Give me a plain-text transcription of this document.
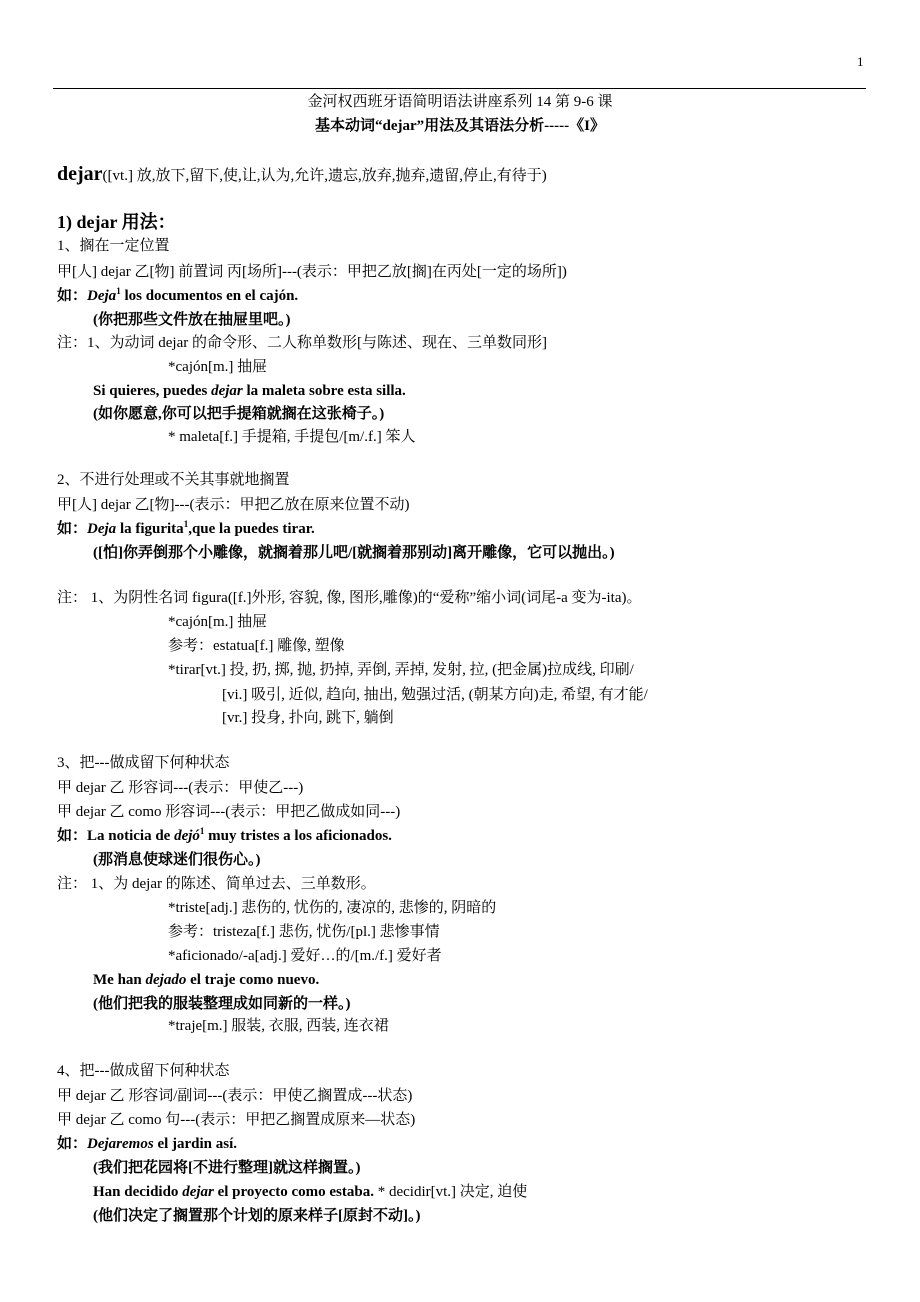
1
金河权西班牙语简明语法讲座系列 14 第 9-6 课
基本动词“dejar”用法及其语法分析-----《I》
dejar([vt.] 放,放下,留下,使,让,认为,允许,遗忘,放弃,抛弃,遗留,停止,有待于)
1) dejar 用法：
1、搁在一定位置
甲[人] dejar 乙[物] 前置词 丙[场所]---(表示：甲把乙放[搁]在丙处[一定的场所])
如：Deja$^1$ los documentos en el cajón.
(你把那些文件放在抽屉里吧。)
注：1、为动词 dejar 的命令形、二人称单数形[与陈述、现在、三单数同形]
*cajón[m.] 抽屉
Si quieres, puedes dejar la maleta sobre esta silla.
(如你愿意,你可以把手提箱就搁在这张椅子。)
* maleta[f.] 手提箱, 手提包/[m/.f.] 笨人
2、不进行处理或不关其事就地搁置
甲[人] dejar 乙[物]---(表示：甲把乙放在原来位置不动)
如：Deja la figurita$^1$,que la puedes tirar.
([怕]你弄倒那个小雕像，就搁着那儿吧/[就搁着那别动]离开雕像，它可以抛出。)
注： 1、为阴性名词 figura([f.]外形, 容貌, 像, 图形,雕像)的“爱称”缩小词(词尾-a 变为-ita)。
*cajón[m.] 抽屉
参考：estatua[f.] 雕像, 塑像
*tirar[vt.] 投, 扔, 掷, 抛, 扔掉, 弄倒, 弄掉, 发射, 拉, (把金属)拉成线, 印刷/
[vi.] 吸引, 近似, 趋向, 抽出, 勉强过活, (朝某方向)走, 希望, 有才能/
[vr.] 投身, 扑向, 跳下, 躺倒
3、把---做成留下何种状态
甲 dejar 乙 形容词---(表示：甲使乙---)
甲 dejar 乙 como 形容词---(表示：甲把乙做成如同---)
如：La noticia de dejó$^1$ muy tristes a los aficionados.
(那消息使球迷们很伤心。)
注： 1、为 dejar 的陈述、简单过去、三单数形。
*triste[adj.] 悲伤的, 忧伤的, 凄凉的, 悲惨的, 阴暗的
参考：tristeza[f.] 悲伤, 忧伤/[pl.] 悲惨事情
*aficionado/-a[adj.] 爱好…的/[m./f.] 爱好者
Me han dejado el traje como nuevo.
(他们把我的服装整理成如同新的一样。)
*traje[m.] 服装, 衣服, 西装, 连衣裙
4、把---做成留下何种状态
甲 dejar 乙 形容词/副词---(表示：甲使乙搁置成---状态)
甲 dejar 乙 como 句---(表示：甲把乙搁置成原来—状态)
如：Dejaremos el jardin así.
(我们把花园将[不进行整理]就这样搁置。)
Han decidido dejar el proyecto como estaba. * decidir[vt.] 决定, 迫使
(他们决定了搁置那个计划的原来样子[原封不动]。)
